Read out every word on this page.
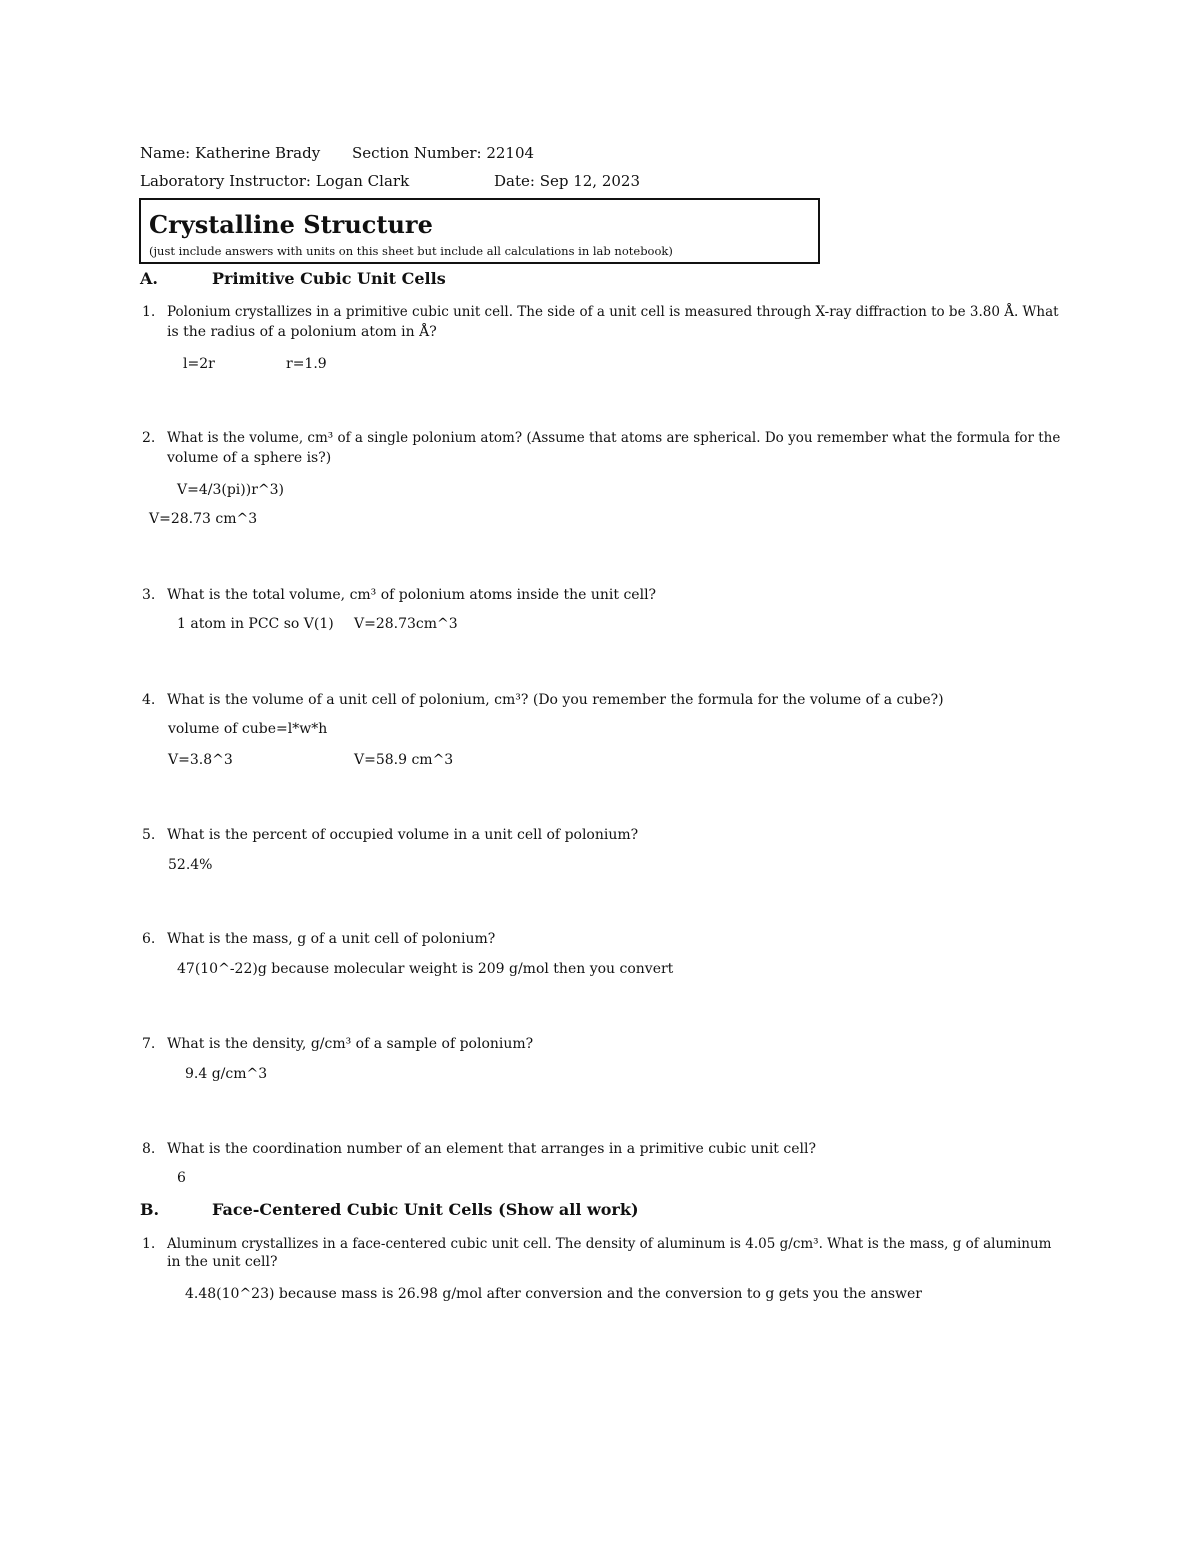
Name: Katherine Brady Section Number: 22104
Laboratory Instructor: Logan Clark	Date: Sep 12, 2023
Crystalline Structure
(just include answers with units on this sheet but include all calculations in lab notebook)
A.	Primitive Cubic Unit Cells
1. Polonium crystallizes in a primitive cubic unit cell. The side of a unit cell is measured through X-ray diffraction to be 3.80 Å. What
is the radius of a polonium atom in Å?
l=2r	r=1.9
2. What is the volume, cm³ of a single polonium atom? (Assume that atoms are spherical. Do you remember what the formula for the
volume of a sphere is?)
V=4/3(pi))r^3)
V=28.73 cm^3
3. What is the total volume, cm³ of polonium atoms inside the unit cell?
1 atom in PCC so V(1) V=28.73cm^3
4. What is the volume of a unit cell of polonium, cm³? (Do you remember the formula for the volume of a cube?)
volume of cube=l*w*h
V=3.8^3	V=58.9 cm^3
5. What is the percent of occupied volume in a unit cell of polonium?
52.4%
6. What is the mass, g of a unit cell of polonium?
47(10^-22)g because molecular weight is 209 g/mol then you convert
7. What is the density, g/cm³ of a sample of polonium?
9.4 g/cm^3
8. What is the coordination number of an element that arranges in a primitive cubic unit cell?
6
B.	Face-Centered Cubic Unit Cells (Show all work)
1. Aluminum crystallizes in a face-centered cubic unit cell. The density of aluminum is 4.05 g/cm³. What is the mass, g of aluminum
in the unit cell?
4.48(10^23) because mass is 26.98 g/mol after conversion and the conversion to g gets you the answer
